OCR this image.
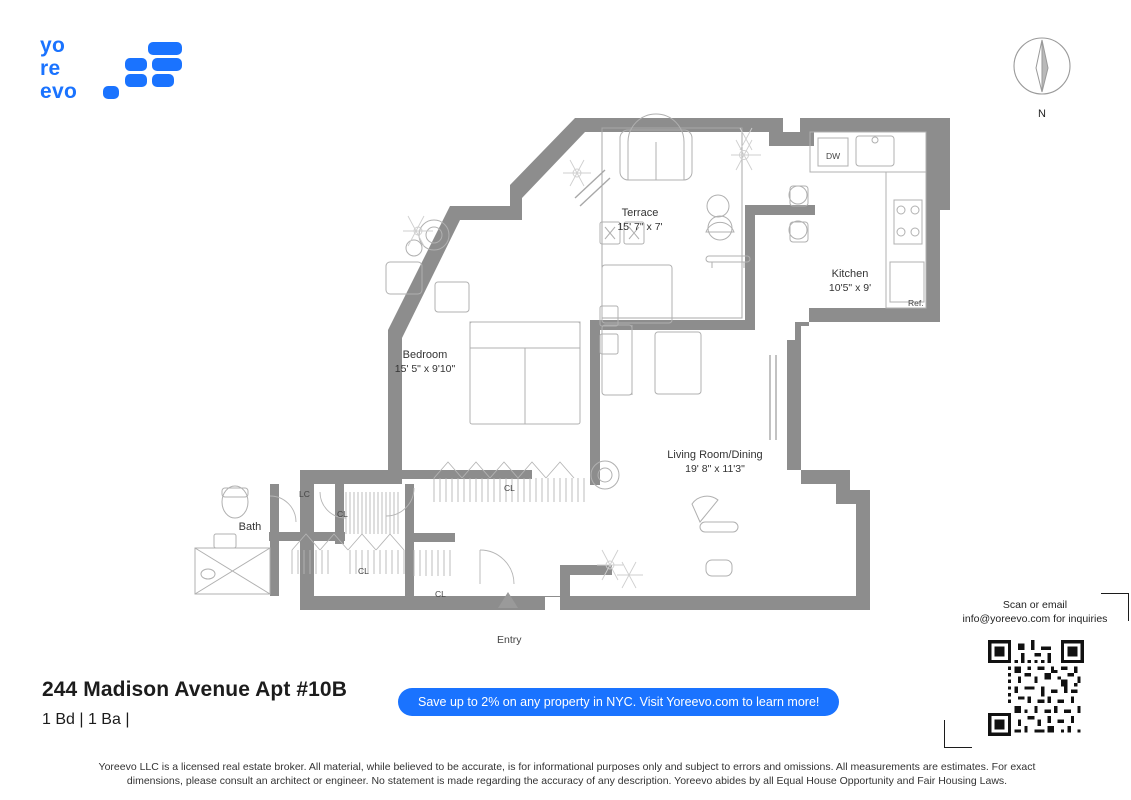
yo
re
evo
N
Terrace
15' 7" x 7'
Kitchen
10'5" x 9'
Bedroom
15' 5" x 9'10"
Living Room/Dining
19' 8" x 11'3"
Bath
DW
Ref.
LC
CL
CL
CL
CL
Entry
244 Madison Avenue Apt #10B
1 Bd | 1 Ba |
Save up to 2% on any property in NYC. Visit Yoreevo.com to learn more!
Scan or email
info@yoreevo.com for inquiries
Yoreevo LLC is a licensed real estate broker. All material, while believed to be accurate, is for informational purposes only and subject to errors and omissions. All measurements are estimates. For exact dimensions, please consult an architect or engineer. No statement is made regarding the accuracy of any description. Yoreevo abides by all Equal House Opportunity and Fair Housing Laws.
